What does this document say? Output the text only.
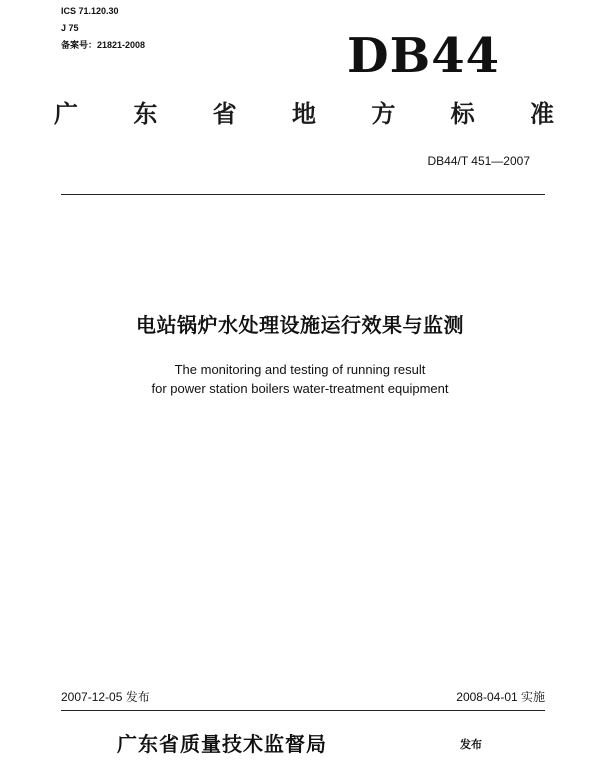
ICS 71.120.30
J 75
备案号：21821-2008	DB44
广 东 省 地 方 标 准
DB44/T 451—2007
电站锅炉水处理设施运行效果与监测
The monitoring and testing of running result
for power station boilers water-treatment equipment
2007-12-05 发布	2008-04-01 实施
广东省质量技术监督局	发布
